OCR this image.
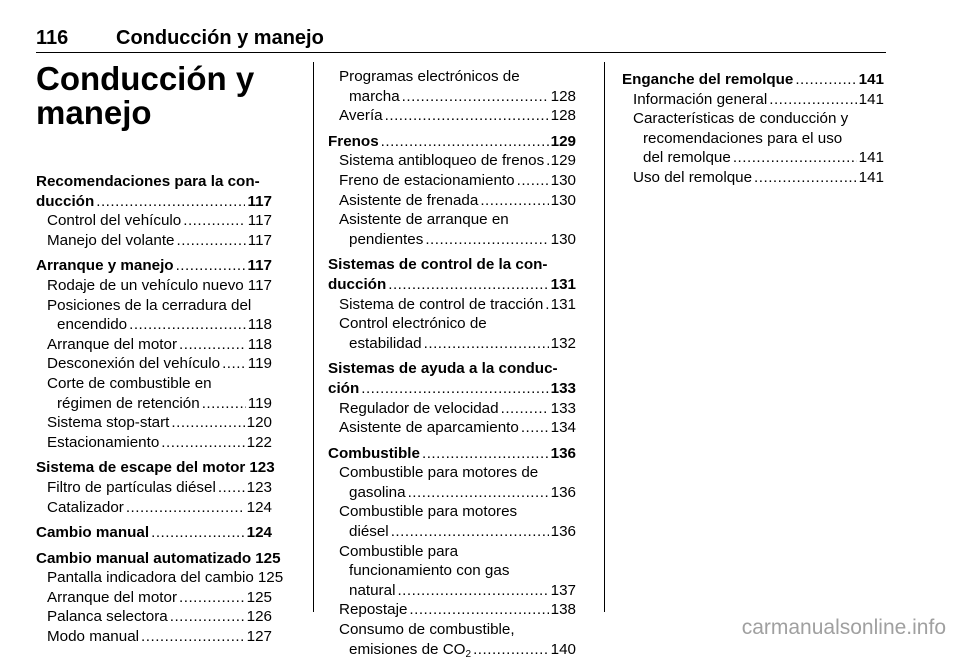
116 Conducción y manejo
Conducción y manejo
Recomendaciones para la con-
ducción .....	117
Control del vehículo .....	117
Manejo del volante .....	117
Arranque y manejo .....	117
Rodaje de un vehículo nuevo ..... 117
Posiciones de la cerradura del
encendido .....	118
Arranque del motor .....	118
Desconexión del vehículo ..... 119
Corte de combustible en
régimen de retención .....	119
Sistema stop-start .....	120
Estacionamiento .....	122
Sistema de escape del motor 123
Filtro de partículas diésel ..... 123
Catalizador .....	124
Cambio manual .....	124
Cambio manual automatizado 125
Pantalla indicadora del cambio 125
Arranque del motor .....	125
Palanca selectora .....	126
Modo manual .....	127
Programas electrónicos de
marcha .....	128
Avería .....	128
Frenos .....	129
Sistema antibloqueo de frenos ..... 129
Freno de estacionamiento ..... 130
Asistente de frenada .....	130
Asistente de arranque en
pendientes .....	130
Sistemas de control de la con-
ducción .....	131
Sistema de control de tracción ..... 131
Control electrónico de
estabilidad .....	132
Sistemas de ayuda a la conduc-
ción .....	133
Regulador de velocidad .....	133
Asistente de aparcamiento ..... 134
Combustible .....	136
Combustible para motores de
gasolina .....	136
Combustible para motores
diésel .....	136
Combustible para
funcionamiento con gas
natural .....	137
Repostaje .....	138
Consumo de combustible,
emisiones de $CO_2$ .....	140
Enganche del remolque .....	141
Información general .....	141
Características de conducción y
recomendaciones para el uso
del remolque .....	141
Uso del remolque .....	141
carmanualsonline.info
